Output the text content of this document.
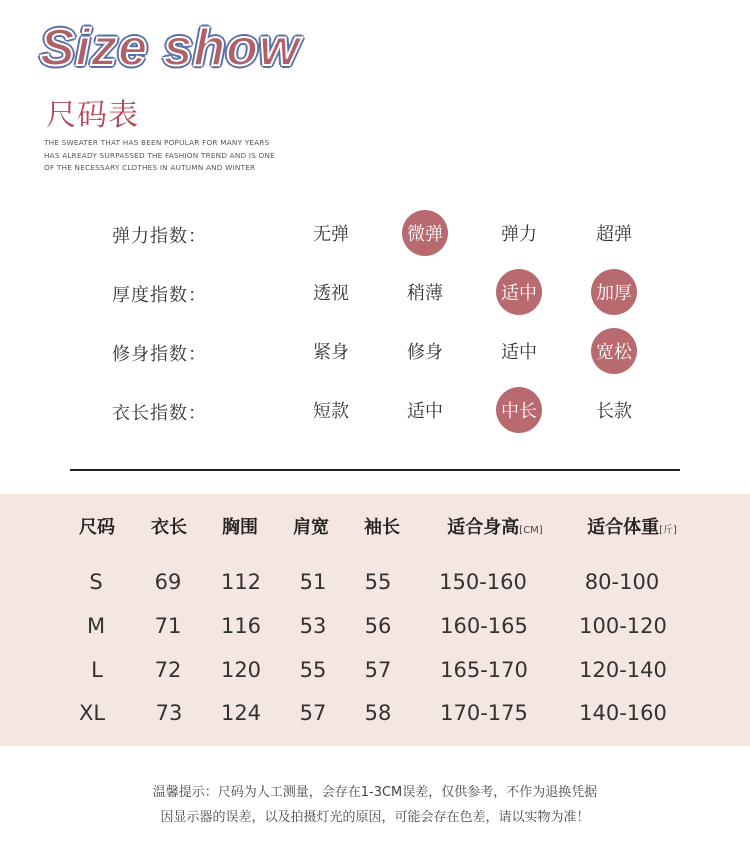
Size show
尺码表
THE SWEATER THAT HAS BEEN POPULAR FOR MANY YEARS
HAS ALREADY SURPASSED THE FASHION TREND AND IS ONE
OF THE NECESSARY CLOTHES IN AUTUMN AND WINTER
弹力指数：	无弹	微弹	弹力	超弹
厚度指数：	透视	稍薄	适中	加厚
修身指数：	紧身	修身	适中	宽松
衣长指数：	短款	适中	中长	长款
尺码 衣长 胸围 肩宽 袖长	适合身高[CM] 适合体重[斤]
S 69 112 51 55 150-160	80-100
M 71 116 53 56 160-165 100-120
L 72 120 55 57 165-170 120-140
XL 73 124 57 58 170-175 140-160
温馨提示：尺码为人工测量，会存在1-3CM误差，仅供参考，不作为退换凭据
因显示器的误差，以及拍摄灯光的原因，可能会存在色差，请以实物为准！
